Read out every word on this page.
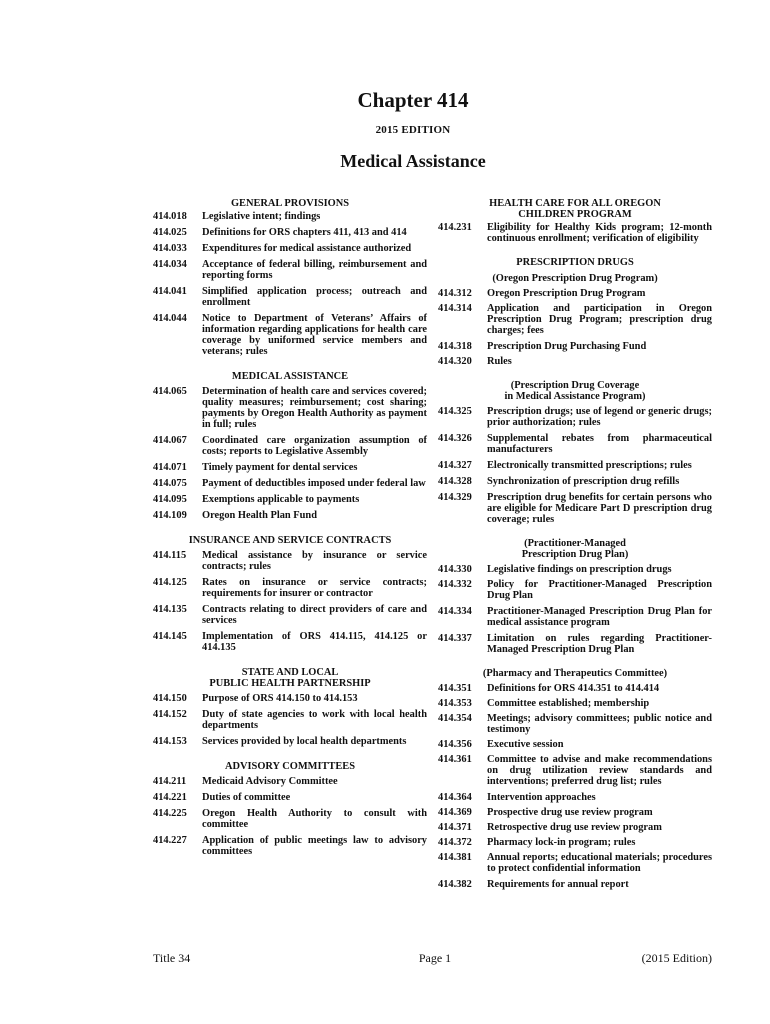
Chapter 414
2015 EDITION
Medical Assistance
GENERAL PROVISIONS
414.018	Legislative intent; findings
414.025	Definitions for ORS chapters 411, 413 and 414
414.033	Expenditures for medical assistance authorized
414.034	Acceptance of federal billing, reimbursement and reporting forms
414.041	Simplified application process; outreach and enrollment
414.044	Notice to Department of Veterans’ Affairs of information regarding applications for health care coverage by uniformed service members and veterans; rules
MEDICAL ASSISTANCE
414.065	Determination of health care and services covered; quality measures; reimbursement; cost sharing; payments by Oregon Health Authority as payment in full; rules
414.067	Coordinated care organization assumption of costs; reports to Legislative Assembly
414.071	Timely payment for dental services
414.075	Payment of deductibles imposed under federal law
414.095	Exemptions applicable to payments
414.109	Oregon Health Plan Fund
INSURANCE AND SERVICE CONTRACTS
414.115	Medical assistance by insurance or service contracts; rules
414.125	Rates on insurance or service contracts; requirements for insurer or contractor
414.135	Contracts relating to direct providers of care and services
414.145	Implementation of ORS 414.115, 414.125 or 414.135
STATE AND LOCAL
PUBLIC HEALTH PARTNERSHIP
414.150	Purpose of ORS 414.150 to 414.153
414.152	Duty of state agencies to work with local health departments
414.153	Services provided by local health departments
ADVISORY COMMITTEES
414.211	Medicaid Advisory Committee
414.221	Duties of committee
414.225	Oregon Health Authority to consult with committee
414.227	Application of public meetings law to advisory committees
HEALTH CARE FOR ALL OREGON
CHILDREN PROGRAM
414.231	Eligibility for Healthy Kids program; 12-month continuous enrollment; verification of eligibility
PRESCRIPTION DRUGS
(Oregon Prescription Drug Program)
414.312	Oregon Prescription Drug Program
414.314	Application and participation in Oregon Prescription Drug Program; prescription drug charges; fees
414.318	Prescription Drug Purchasing Fund
414.320	Rules
(Prescription Drug Coverage
in Medical Assistance Program)
414.325	Prescription drugs; use of legend or generic drugs; prior authorization; rules
414.326	Supplemental rebates from pharmaceutical manufacturers
414.327	Electronically transmitted prescriptions; rules
414.328	Synchronization of prescription drug refills
414.329	Prescription drug benefits for certain persons who are eligible for Medicare Part D prescription drug coverage; rules
(Practitioner-Managed
Prescription Drug Plan)
414.330	Legislative findings on prescription drugs
414.332	Policy for Practitioner-Managed Prescription Drug Plan
414.334	Practitioner-Managed Prescription Drug Plan for medical assistance program
414.337	Limitation on rules regarding Practitioner-Managed Prescription Drug Plan
(Pharmacy and Therapeutics Committee)
414.351	Definitions for ORS 414.351 to 414.414
414.353	Committee established; membership
414.354	Meetings; advisory committees; public notice and testimony
414.356	Executive session
414.361	Committee to advise and make recommendations on drug utilization review standards and interventions; preferred drug list; rules
414.364	Intervention approaches
414.369	Prospective drug use review program
414.371	Retrospective drug use review program
414.372	Pharmacy lock-in program; rules
414.381	Annual reports; educational materials; procedures to protect confidential information
414.382	Requirements for annual report
Title 34	Page 1	(2015 Edition)
